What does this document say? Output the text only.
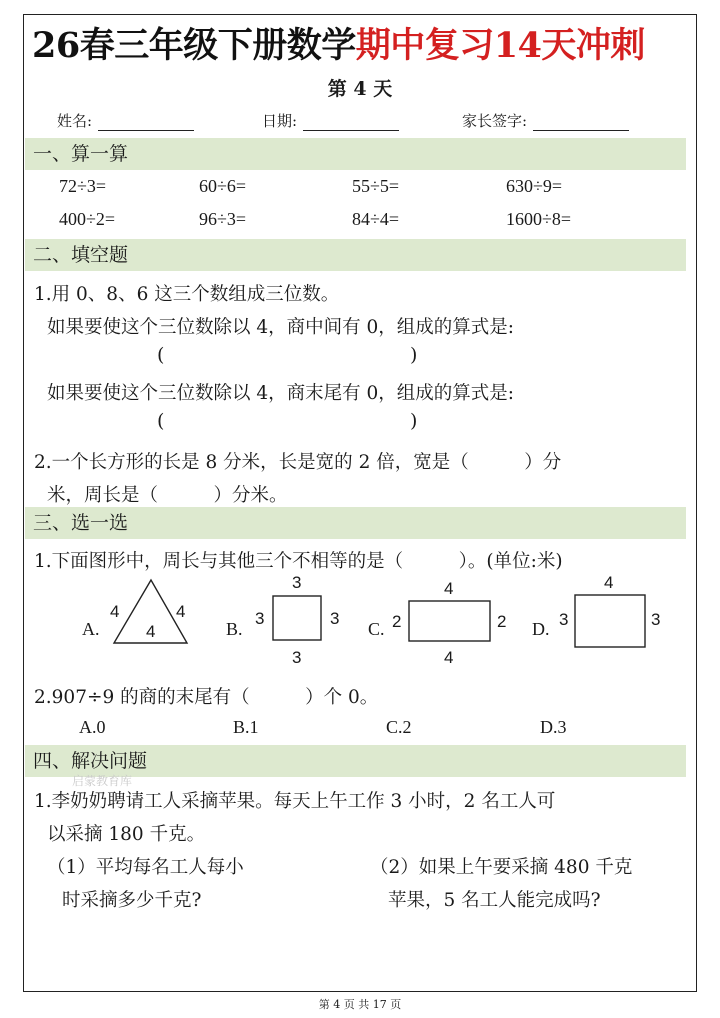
26春三年级下册数学期中复习14天冲刺
第 4 天
姓名:	日期:	家长签字:
一、算一算
72÷3=	60÷6=	55÷5=	630÷9=
400÷2=	96÷3=	84÷4=	1600÷8=
二、填空题
1.用 0、8、6 这三个数组成三位数。
如果要使这个三位数除以 4，商中间有 0，组成的算式是:
(	)
如果要使这个三位数除以 4，商末尾有 0，组成的算式是:
(	)
2.一个长方形的长是 8 分米，长是宽的 2 倍，宽是（　　　）分
米，周长是（　　　）分米。
三、选一选
1.下面图形中，周长与其他三个不相等的是（　　　）。(单位:米)
A.
4	4
4	B.
3
3	3
3
C.
4
2	2
4
D.
4
3	3
2.907÷9 的商的末尾有（　　　）个 0。
A.0	B.1	C.2	D.3
四、解决问题
启蒙教育库
1.李奶奶聘请工人采摘苹果。每天上午工作 3 小时，2 名工人可
以采摘 180 千克。
（1）平均每名工人每小
时采摘多少千克?
（2）如果上午要采摘 480 千克
苹果，5 名工人能完成吗?
第 4 页 共 17 页
